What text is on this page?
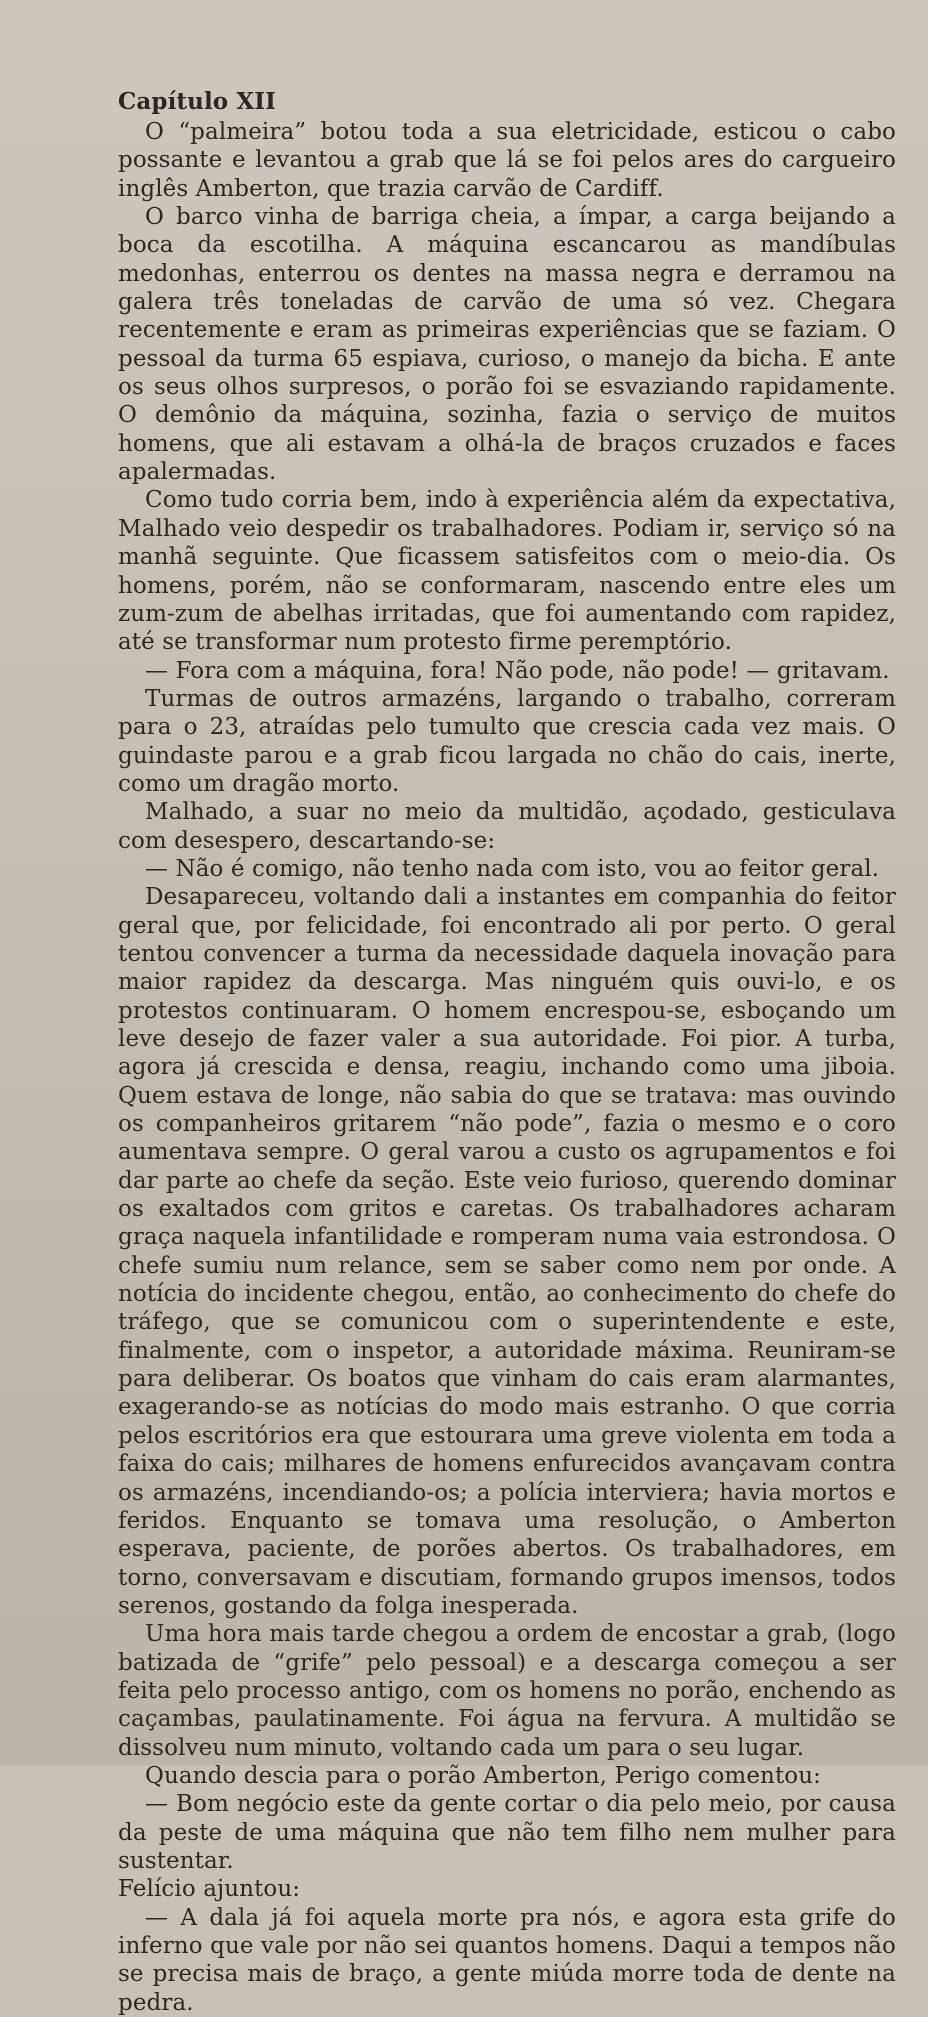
Capítulo XII

O “palmeira” botou toda a sua eletricidade, esticou o cabo possante e levantou a grab que lá se foi pelos ares do cargueiro inglês Amberton, que trazia carvão de Cardiff.

O barco vinha de barriga cheia, a ímpar, a carga beijando a boca da escotilha. A máquina escancarou as mandíbulas medonhas, enterrou os dentes na massa negra e derramou na galera três toneladas de carvão de uma só vez. Chegara recentemente e eram as primeiras experiências que se faziam. O pessoal da turma 65 espiava, curioso, o manejo da bicha. E ante os seus olhos surpresos, o porão foi se esvaziando rapidamente. O demônio da máquina, sozinha, fazia o serviço de muitos homens, que ali estavam a olhá-la de braços cruzados e faces apalermadas.

Como tudo corria bem, indo à experiência além da expectativa, Malhado veio despedir os trabalhadores. Podiam ir, serviço só na manhã seguinte. Que ficassem satisfeitos com o meio-dia. Os homens, porém, não se conformaram, nascendo entre eles um zum-zum de abelhas irritadas, que foi aumentando com rapidez, até se transformar num protesto firme peremptório.

— Fora com a máquina, fora! Não pode, não pode! — gritavam.

Turmas de outros armazéns, largando o trabalho, correram para o 23, atraídas pelo tumulto que crescia cada vez mais. O guindaste parou e a grab ficou largada no chão do cais, inerte, como um dragão morto.

Malhado, a suar no meio da multidão, açodado, gesticulava com desespero, descartando-se:

— Não é comigo, não tenho nada com isto, vou ao feitor geral.

Desapareceu, voltando dali a instantes em companhia do feitor geral que, por felicidade, foi encontrado ali por perto. O geral tentou convencer a turma da necessidade daquela inovação para maior rapidez da descarga. Mas ninguém quis ouvi-lo, e os protestos continuaram. O homem encrespou-se, esboçando um leve desejo de fazer valer a sua autoridade. Foi pior. A turba, agora já crescida e densa, reagiu, inchando como uma jiboia. Quem estava de longe, não sabia do que se tratava: mas ouvindo os companheiros gritarem “não pode”, fazia o mesmo e o coro aumentava sempre. O geral varou a custo os agrupamentos e foi dar parte ao chefe da seção. Este veio furioso, querendo dominar os exaltados com gritos e caretas. Os trabalhadores acharam graça naquela infantilidade e romperam numa vaia estrondosa. O chefe sumiu num relance, sem se saber como nem por onde. A notícia do incidente chegou, então, ao conhecimento do chefe do tráfego, que se comunicou com o superintendente e este, finalmente, com o inspetor, a autoridade máxima. Reuniram-se para deliberar. Os boatos que vinham do cais eram alarmantes, exagerando-se as notícias do modo mais estranho. O que corria pelos escritórios era que estourara uma greve violenta em toda a faixa do cais; milhares de homens enfurecidos avançavam contra os armazéns, incendiando-os; a polícia interviera; havia mortos e feridos. Enquanto se tomava uma resolução, o Amberton esperava, paciente, de porões abertos. Os trabalhadores, em torno, conversavam e discutiam, formando grupos imensos, todos serenos, gostando da folga inesperada.

Uma hora mais tarde chegou a ordem de encostar a grab, (logo batizada de “grife” pelo pessoal) e a descarga começou a ser feita pelo processo antigo, com os homens no porão, enchendo as caçambas, paulatinamente. Foi água na fervura. A multidão se dissolveu num minuto, voltando cada um para o seu lugar.

Quando descia para o porão Amberton, Perigo comentou:

— Bom negócio este da gente cortar o dia pelo meio, por causa da peste de uma máquina que não tem filho nem mulher para sustentar.

Felício ajuntou:

— A dala já foi aquela morte pra nós, e agora esta grife do inferno que vale por não sei quantos homens. Daqui a tempos não se precisa mais de braço, a gente miúda morre toda de dente na pedra.
